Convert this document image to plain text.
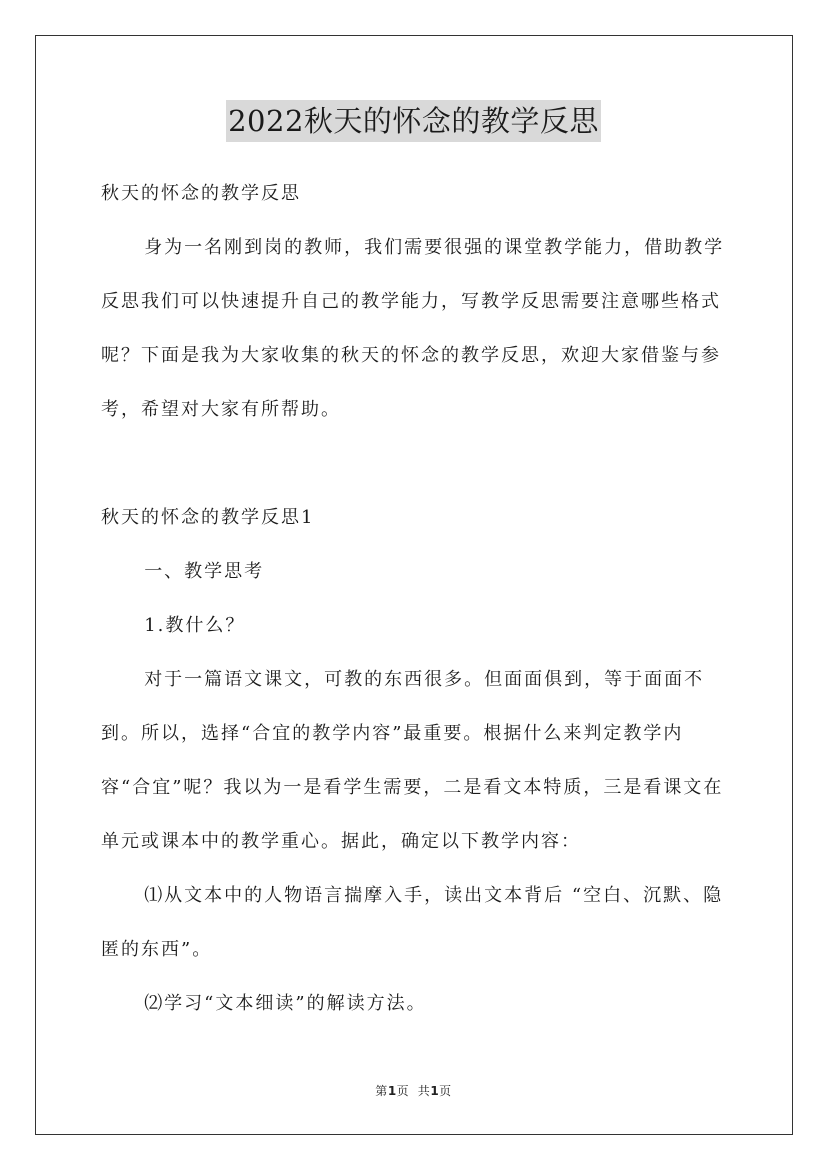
2022秋天的怀念的教学反思

秋天的怀念的教学反思

身为一名刚到岗的教师，我们需要很强的课堂教学能力，借助教学反思我们可以快速提升自己的教学能力，写教学反思需要注意哪些格式呢？下面是我为大家收集的秋天的怀念的教学反思，欢迎大家借鉴与参考，希望对大家有所帮助。

秋天的怀念的教学反思1

一、教学思考

1.教什么？

对于一篇语文课文，可教的东西很多。但面面俱到，等于面面不到。所以，选择“合宜的教学内容”最重要。根据什么来判定教学内容“合宜”呢？我以为一是看学生需要，二是看文本特质，三是看课文在单元或课本中的教学重心。据此，确定以下教学内容：

⑴从文本中的人物语言揣摩入手，读出文本背后 “空白、沉默、隐匿的东西”。

⑵学习“文本细读”的解读方法。

第1页  共1页
